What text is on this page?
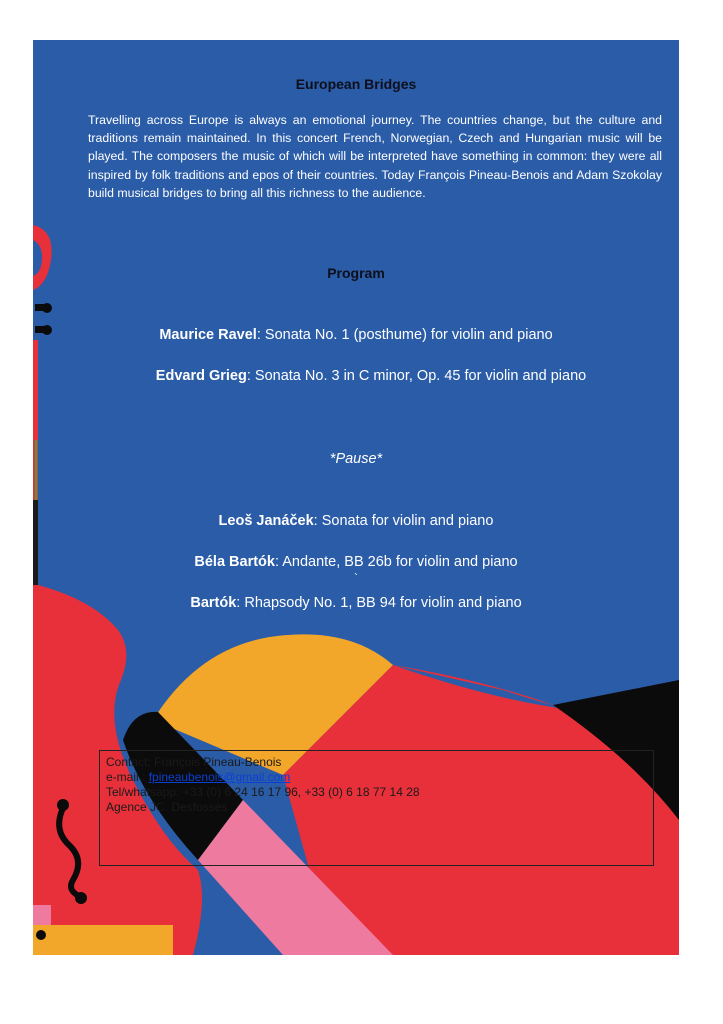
European Bridges
Travelling across Europe is always an emotional journey. The countries change, but the culture and traditions remain maintained. In this concert French, Norwegian, Czech and Hungarian music will be played. The composers the music of which will be interpreted have something in common: they were all inspired by folk traditions and epos of their countries. Today François Pineau-Benois and Adam Szokolay build musical bridges to bring all this richness to the audience.
Program
Maurice Ravel: Sonata No. 1 (posthume) for violin and piano
Edvard Grieg: Sonata No. 3 in C minor, Op. 45 for violin and piano
*Pause*
Leoš Janáček: Sonata for violin and piano
Béla Bartók: Andante, BB 26b for violin and piano
`
Bartók: Rhapsody No. 1, BB 94 for violin and piano
Contact: François Pineau-Benois
e-mail : fpineaubenois@gmail.com
Tel/whatsapp: +33 (0) 6 24 16 17 96, +33 (0) 6 18 77 14 28
Agence JC. Desfossés
